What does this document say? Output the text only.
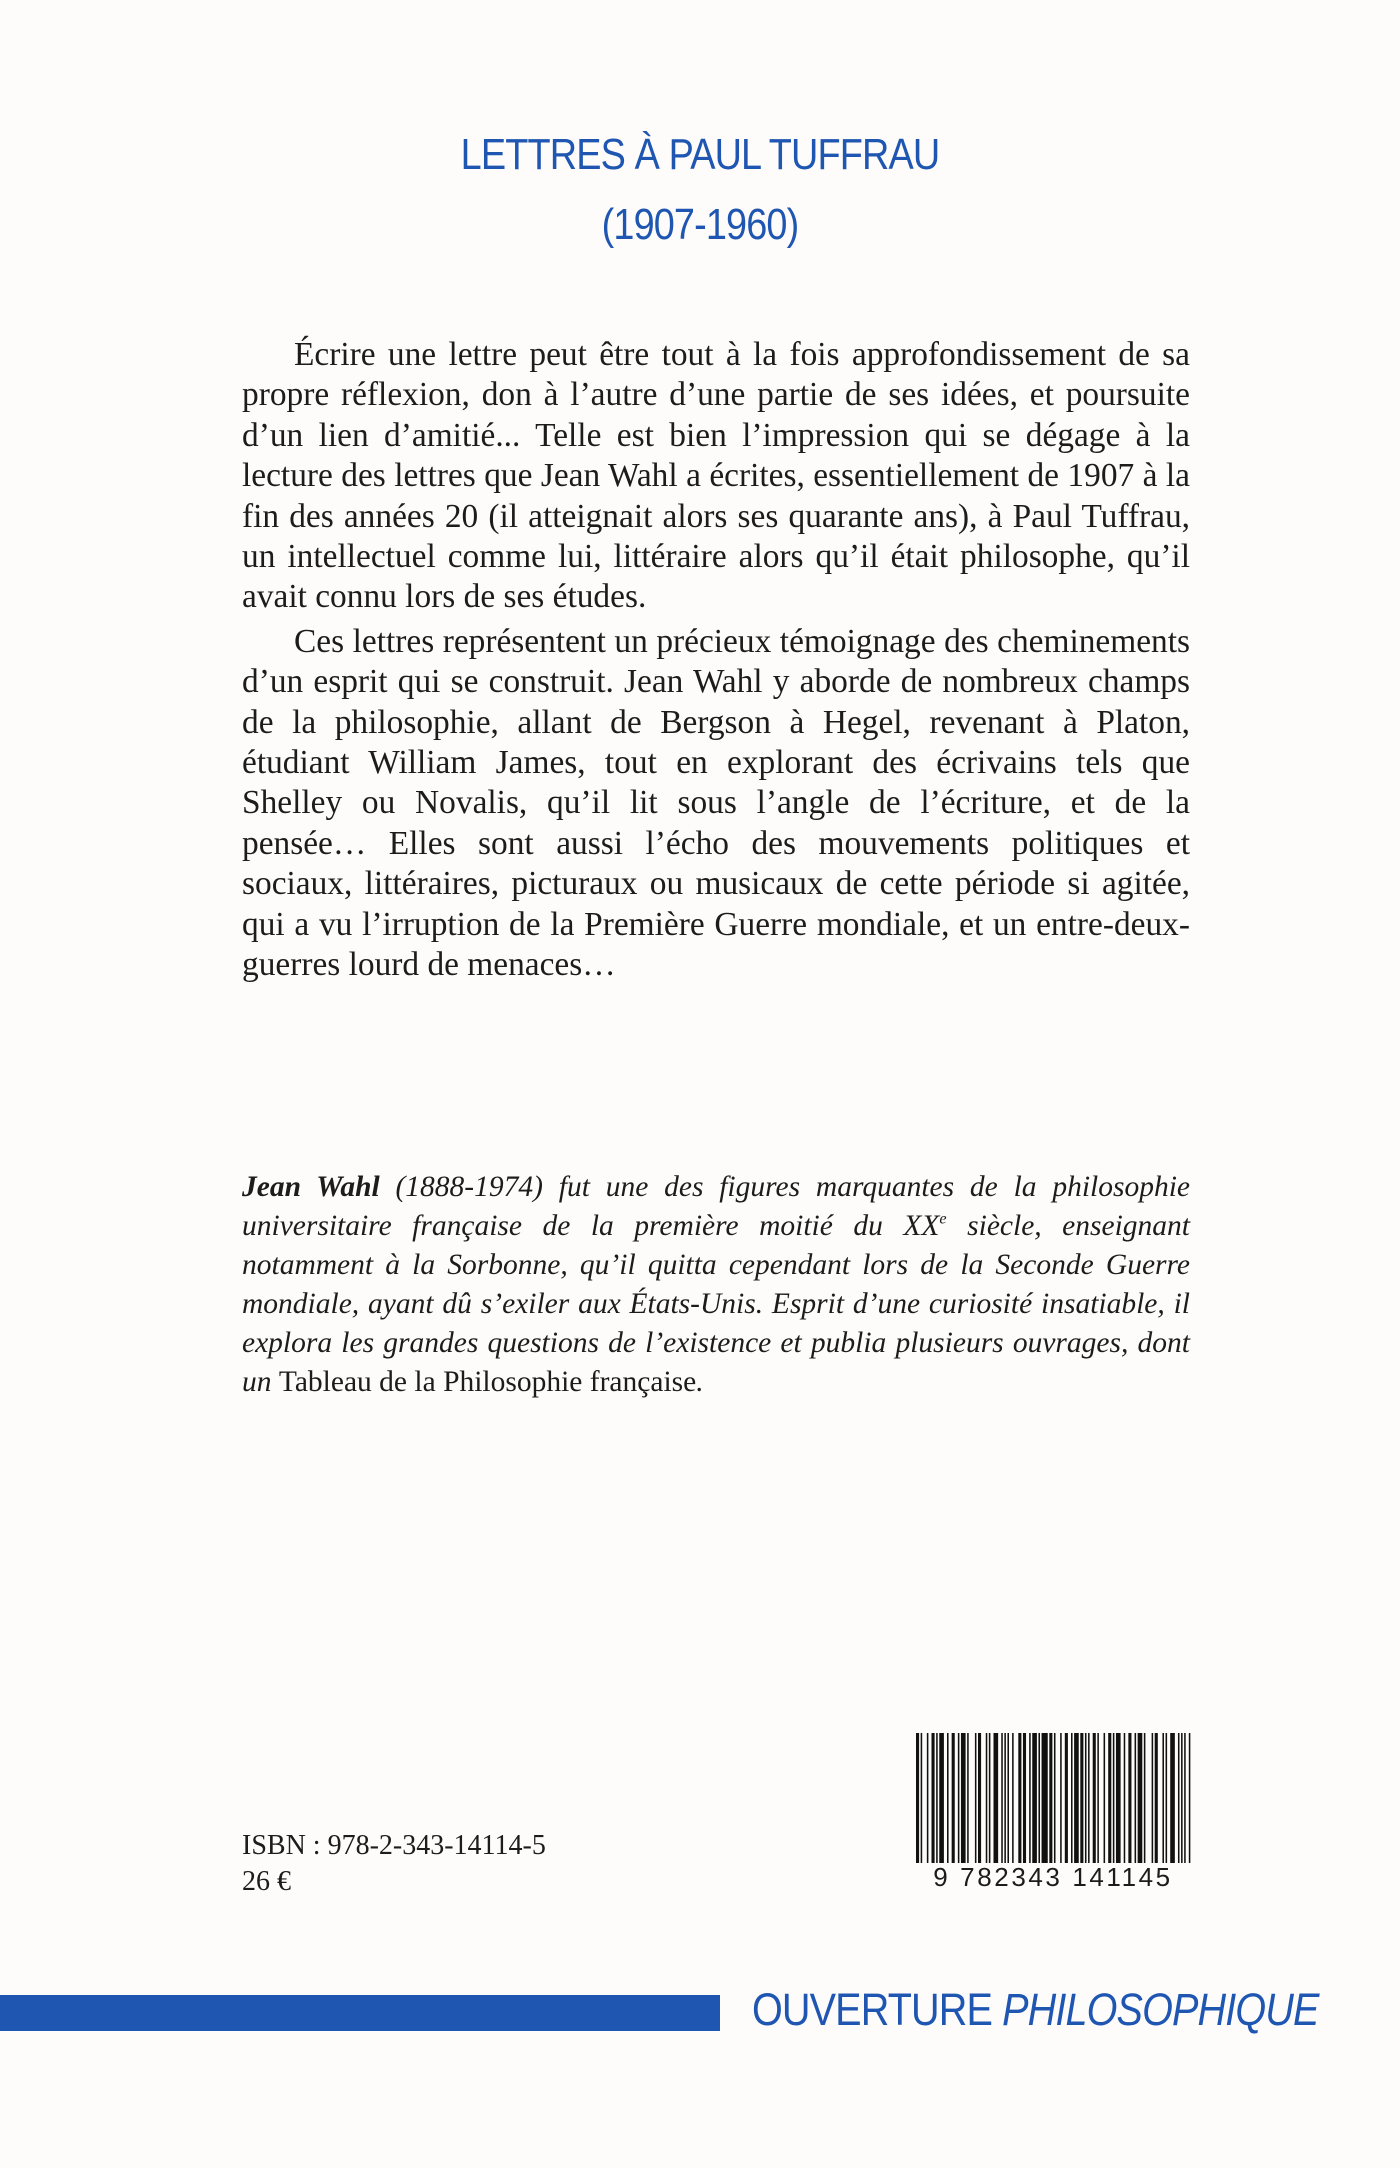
LETTRES À PAUL TUFFRAU
(1907-1960)

Écrire une lettre peut être tout à la fois approfondissement de sa propre réflexion, don à l’autre d’une partie de ses idées, et poursuite d’un lien d’amitié... Telle est bien l’impression qui se dégage à la lecture des lettres que Jean Wahl a écrites, essentiellement de 1907 à la fin des années 20 (il atteignait alors ses quarante ans), à Paul Tuffrau, un intellectuel comme lui, littéraire alors qu’il était philosophe, qu’il avait connu lors de ses études.

Ces lettres représentent un précieux témoignage des cheminements d’un esprit qui se construit. Jean Wahl y aborde de nombreux champs de la philosophie, allant de Bergson à Hegel, revenant à Platon, étudiant William James, tout en explorant des écrivains tels que Shelley ou Novalis, qu’il lit sous l’angle de l’écriture, et de la pensée… Elles sont aussi l’écho des mouvements politiques et sociaux, littéraires, picturaux ou musicaux de cette période si agitée, qui a vu l’irruption de la Première Guerre mondiale, et un entre-deux-guerres lourd de menaces…

Jean Wahl (1888-1974) fut une des figures marquantes de la philosophie universitaire française de la première moitié du XXe siècle, enseignant notamment à la Sorbonne, qu’il quitta cependant lors de la Seconde Guerre mondiale, ayant dû s’exiler aux États-Unis. Esprit d’une curiosité insatiable, il explora les grandes questions de l’existence et publia plusieurs ouvrages, dont un Tableau de la Philosophie française.

ISBN : 978-2-343-14114-5
26 €	9 782343 141145
OUVERTURE PHILOSOPHIQUE
